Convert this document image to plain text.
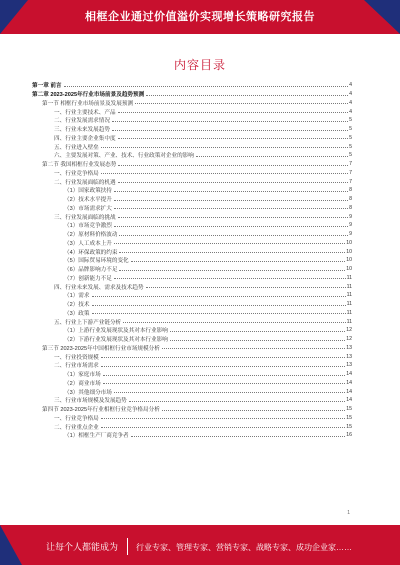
相框企业通过价值溢价实现增长策略研究报告
内容目录
第一章 前言	4
第二章 2023-2025年行业市场前景及趋势预测	4
第一节 相框行业市场前景及发展预测	4
一、行业主要技术、产品	4
二、行业发展需求情况	5
三、行业未来发展趋势	5
四、行业主要企业集中度	5
五、行业进入壁垒	5
六、主要发展对策、产业、技术、行业政策对企业的影响	5
第二节 我国相框行业发展态势	7
一、行业竞争格局	7
二、行业发展面临的机遇	7
（1）国家政策扶持	8
（2）技术水平提升	8
（3）市场需求扩大	8
三、行业发展面临的挑战	9
（1）市场竞争激烈	9
（2）原材料价格波动	9
（3）人工成本上升	10
（4）环保政策的约束	10
（5）国际贸易环境的变化	10
（6）品牌影响力不足	10
（7）创新能力不足	11
四、行业未来发展、需求及技术趋势	11
（1）需求	11
（2）技术	11
（3）政策	11
五、行业上下游产业链分析	11
（1）上游行业发展现状及其对本行业影响	12
（2）下游行业发展现状及其对本行业影响	12
第三节 2023-2025年中国相框行业市场规模分析	13
一、行业投资规模	13
二、行业市场需求	13
（1）家庭市场	14
（2）商业市场	14
（3）其他细分市场	14
三、行业市场规模及发展趋势	14
第四节 2023-2025年行业相框行业竞争格局分析	15
一、行业竞争格局	15
二、行业重点企业	15
（1）相框生产厂商竞争者	16
1
让每个人都能成为 行业专家、管理专家、营销专家、战略专家、成功企业家……
